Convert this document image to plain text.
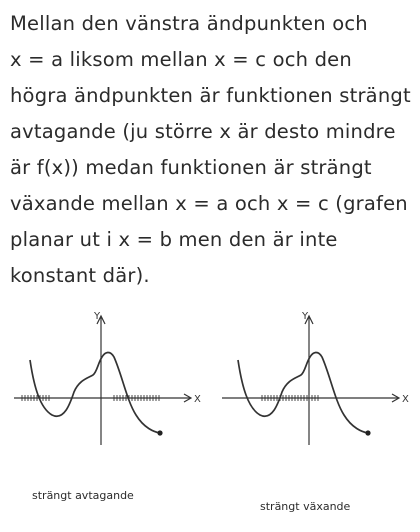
Mellan den vänstra ändpunkten och
x = a liksom mellan x = c och den
högra ändpunkten är funktionen strängt
avtagande (ju större x är desto mindre
är f(x)) medan funktionen är strängt
växande mellan x = a och x = c (grafen
planar ut i x = b men den är inte
konstant där).
Y
X
Y
X
strängt avtagande
strängt växande
